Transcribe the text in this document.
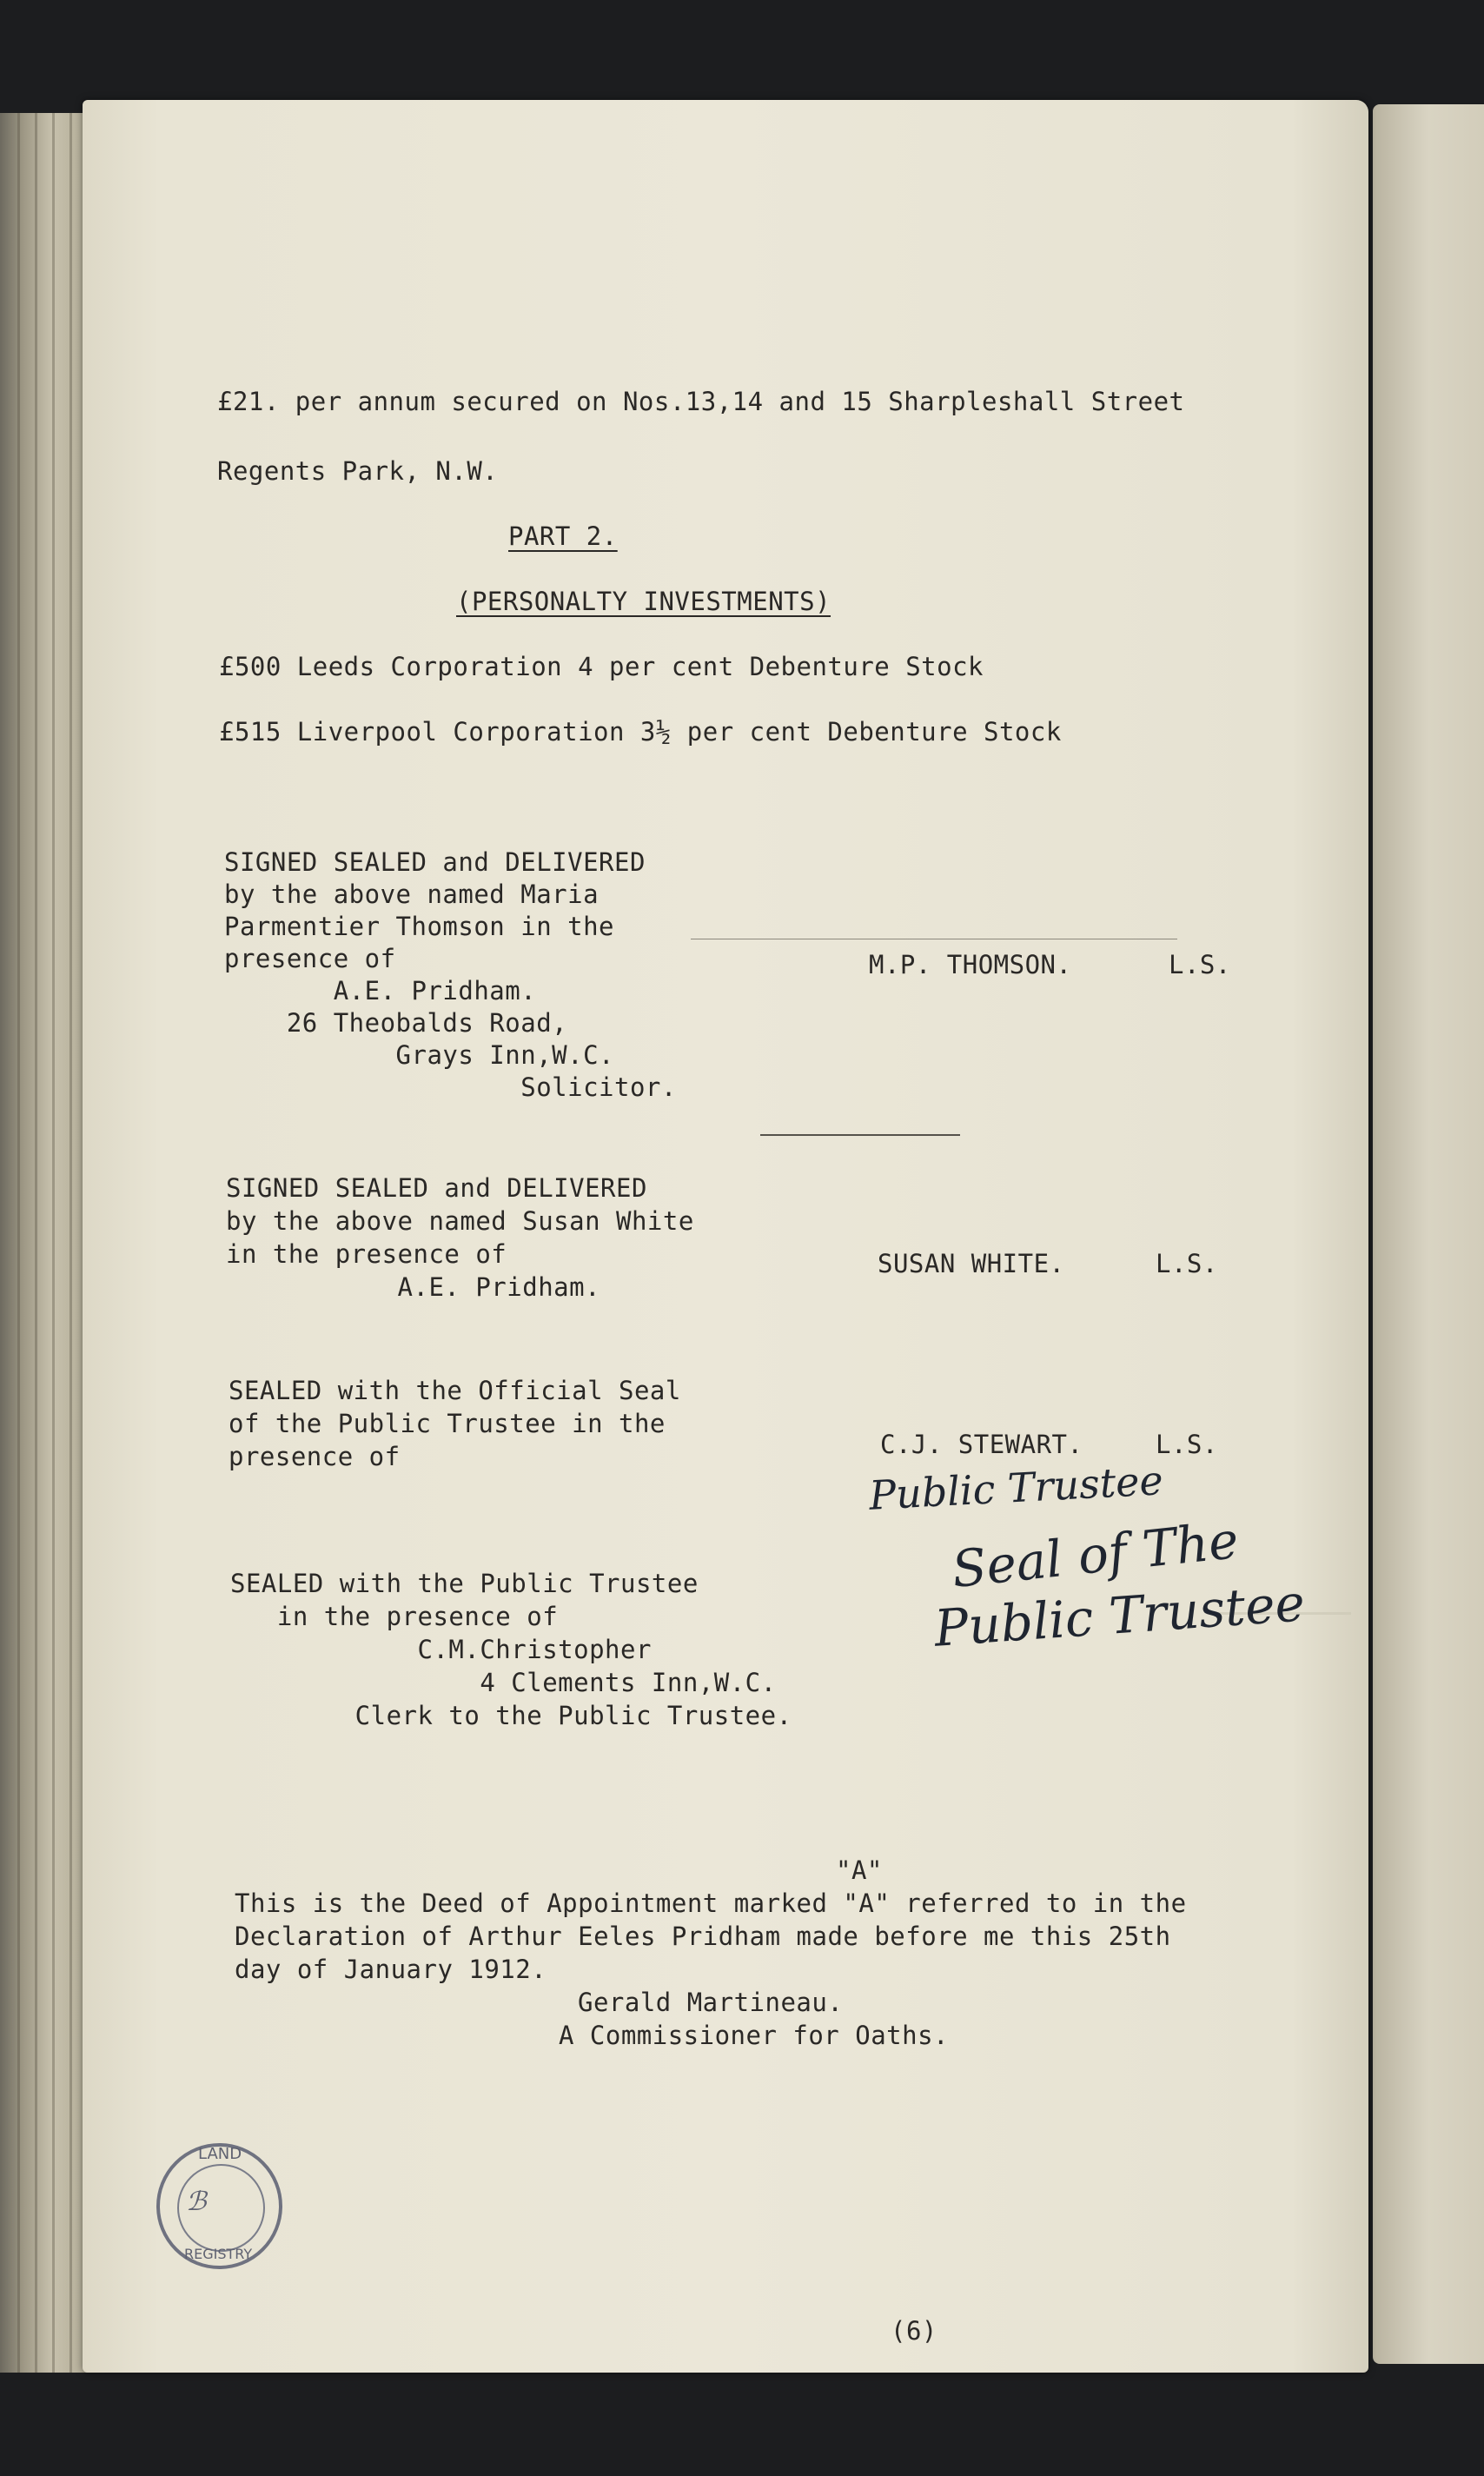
£21. per annum secured on Nos.13,14 and 15 Sharpleshall Street
Regents Park, N.W.
PART 2.
(PERSONALTY INVESTMENTS)
£500 Leeds Corporation 4 per cent Debenture Stock
£515 Liverpool Corporation 3½ per cent Debenture Stock
SIGNED SEALED and DELIVERED
by the above named Maria
Parmentier Thomson in the
presence of
A.E. Pridham.
26 Theobalds Road,
Grays Inn,W.C.
Solicitor.
M.P. THOMSON.	L.S.
SIGNED SEALED and DELIVERED
by the above named Susan White
in the presence of
A.E. Pridham.
SUSAN WHITE.	L.S.
SEALED with the Official Seal
of the Public Trustee in the
presence of	C.J. STEWART.	L.S.
Public Trustee
SEALED with the Public Trustee
in the presence of
C.M.Christopher
4 Clements Inn,W.C.
Clerk to the Public Trustee.
Seal of The
Public Trustee
"A"
This is the Deed of Appointment marked "A" referred to in the
Declaration of Arthur Eeles Pridham made before me this 25th
day of January 1912.
Gerald Martineau.
A Commissioner for Oaths.
LAND
REGISTRY
ℬ
(6)
